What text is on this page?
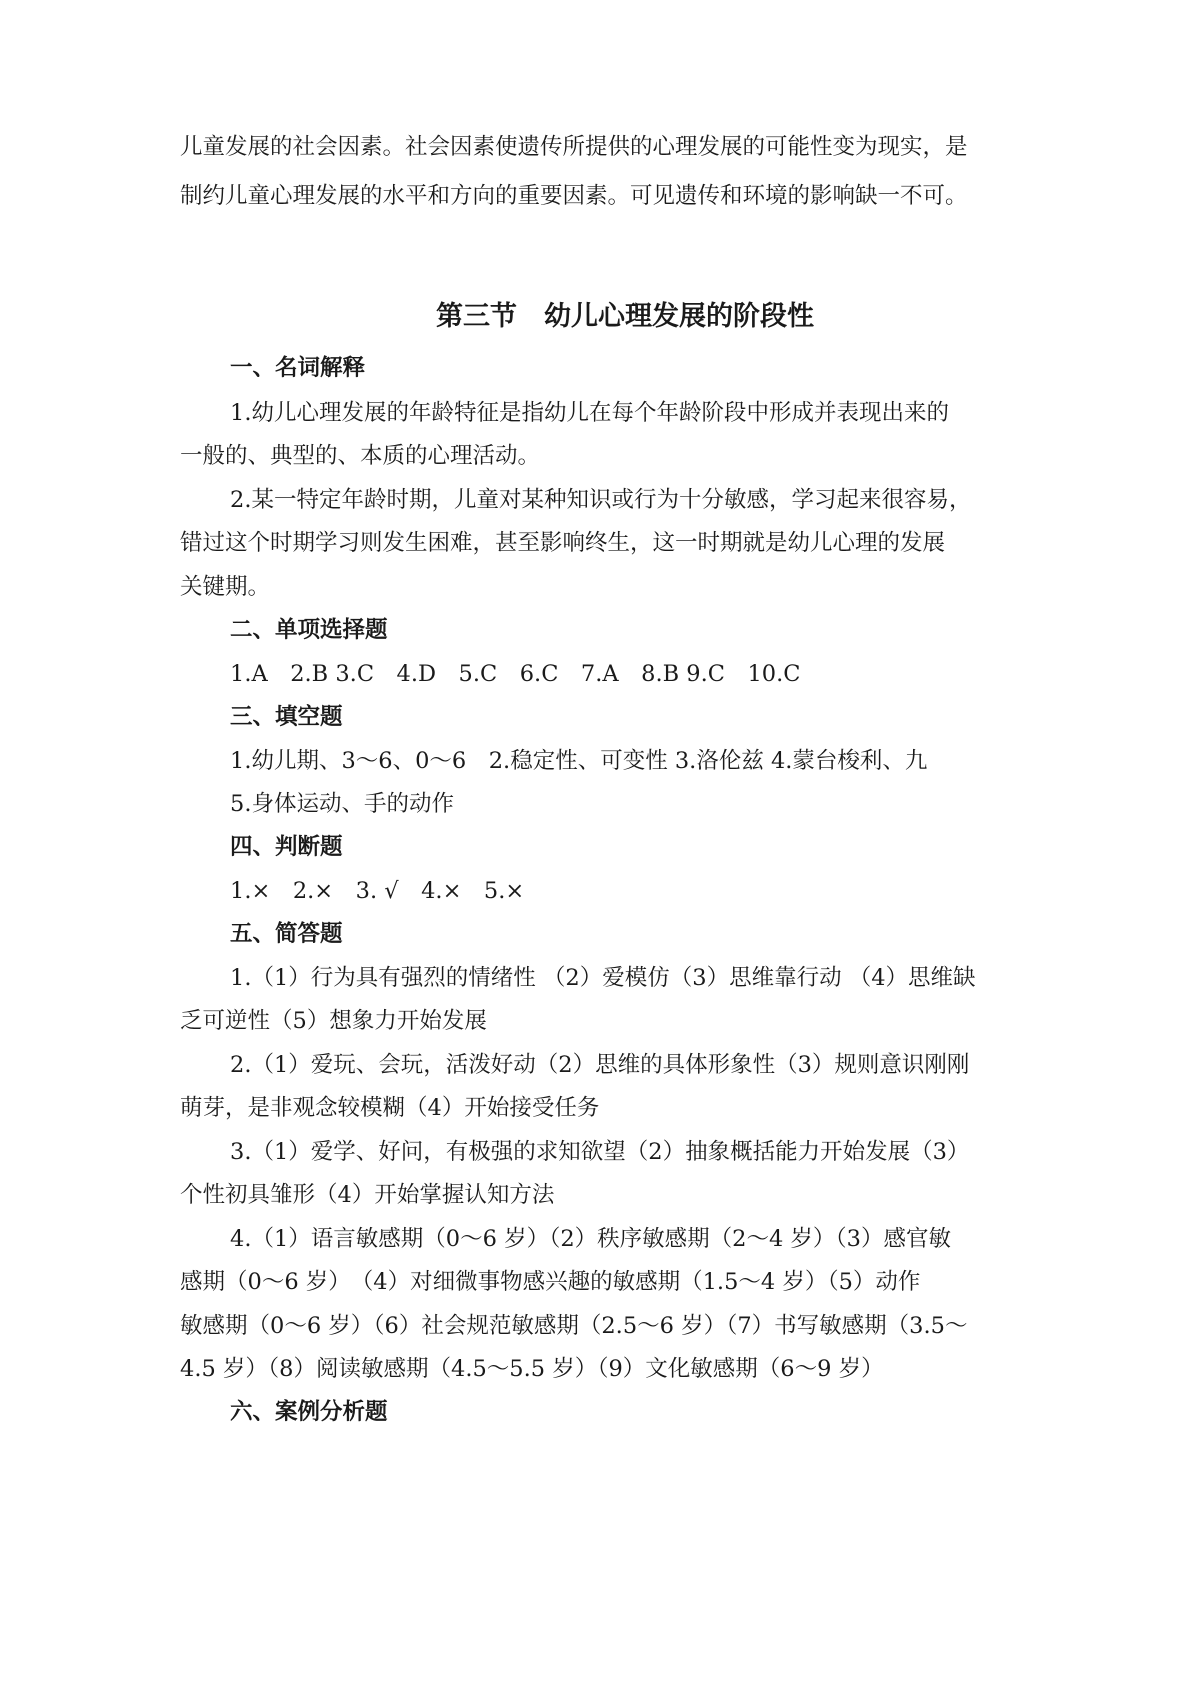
儿童发展的社会因素。社会因素使遗传所提供的心理发展的可能性变为现实，是
制约儿童心理发展的水平和方向的重要因素。可见遗传和环境的影响缺一不可。
第三节　幼儿心理发展的阶段性
一、名词解释
1.幼儿心理发展的年龄特征是指幼儿在每个年龄阶段中形成并表现出来的
一般的、典型的、本质的心理活动。
2.某一特定年龄时期，儿童对某种知识或行为十分敏感，学习起来很容易，
错过这个时期学习则发生困难，甚至影响终生，这一时期就是幼儿心理的发展
关键期。
二、单项选择题
1.A　2.B 3.C　4.D　5.C　6.C　7.A　8.B 9.C　10.C
三、填空题
1.幼儿期、3～6、0～6　2.稳定性、可变性 3.洛伦兹 4.蒙台梭利、九
5.身体运动、手的动作
四、判断题
1.×　2.×　3. √　4.×　5.×
五、简答题
1.（1）行为具有强烈的情绪性 （2）爱模仿（3）思维靠行动 （4）思维缺
乏可逆性（5）想象力开始发展
2.（1）爱玩、会玩，活泼好动（2）思维的具体形象性（3）规则意识刚刚
萌芽，是非观念较模糊（4）开始接受任务
3.（1）爱学、好问，有极强的求知欲望（2）抽象概括能力开始发展（3）
个性初具雏形（4）开始掌握认知方法
4.（1）语言敏感期（0～6 岁）（2）秩序敏感期（2～4 岁）（3）感官敏
感期（0～6 岁）　（4）对细微事物感兴趣的敏感期（1.5～4 岁）（5）动作
敏感期（0～6 岁）（6）社会规范敏感期（2.5～6 岁）（7）书写敏感期（3.5～
4.5 岁）（8）阅读敏感期（4.5～5.5 岁）（9）文化敏感期（6～9 岁）
六、案例分析题
